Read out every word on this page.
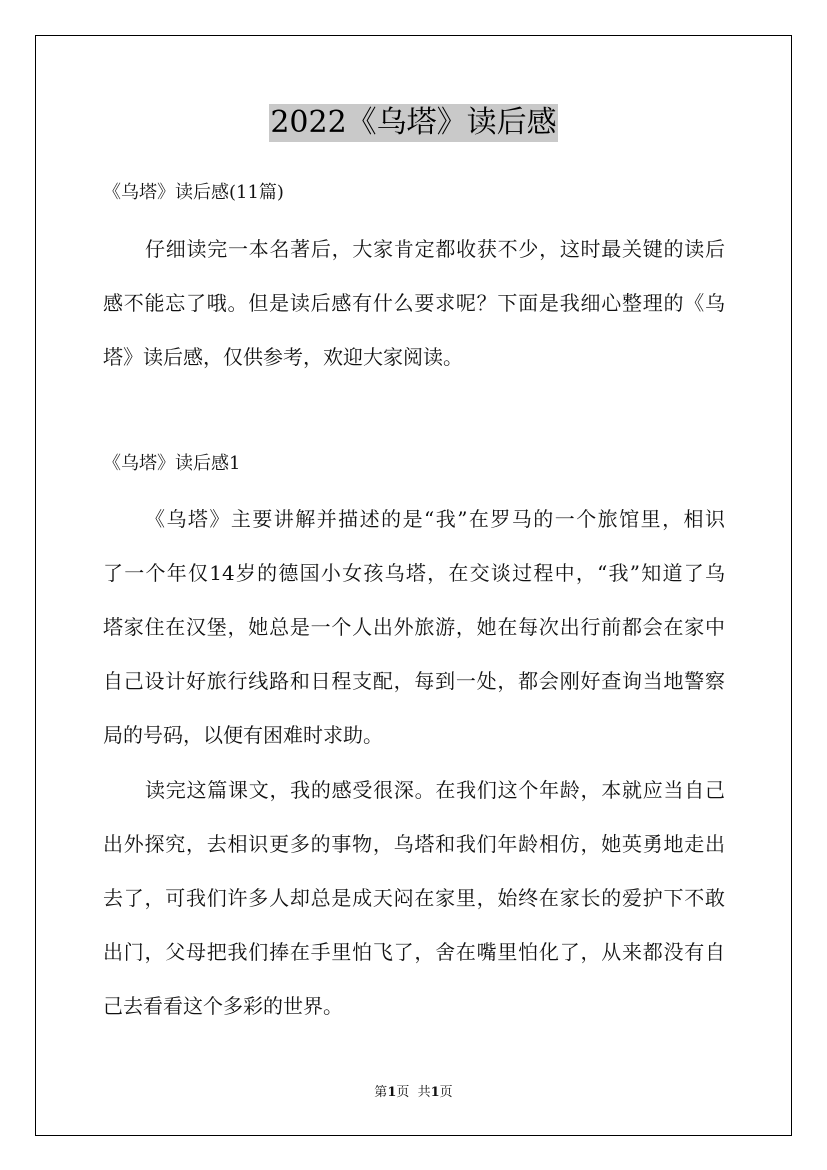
2022《乌塔》读后感
《乌塔》读后感(11篇)
仔细读完一本名著后，大家肯定都收获不少，这时最关键的读后
感不能忘了哦。但是读后感有什么要求呢？下面是我细心整理的《乌
塔》读后感，仅供参考，欢迎大家阅读。
《乌塔》读后感1
《乌塔》主要讲解并描述的是“我”在罗马的一个旅馆里，相识
了一个年仅14岁的德国小女孩乌塔，在交谈过程中，“我”知道了乌
塔家住在汉堡，她总是一个人出外旅游，她在每次出行前都会在家中
自己设计好旅行线路和日程支配，每到一处，都会刚好查询当地警察
局的号码，以便有困难时求助。
读完这篇课文，我的感受很深。在我们这个年龄，本就应当自己
出外探究，去相识更多的事物，乌塔和我们年龄相仿，她英勇地走出
去了，可我们许多人却总是成天闷在家里，始终在家长的爱护下不敢
出门，父母把我们捧在手里怕飞了，舍在嘴里怕化了，从来都没有自
己去看看这个多彩的世界。
第1页  共1页
